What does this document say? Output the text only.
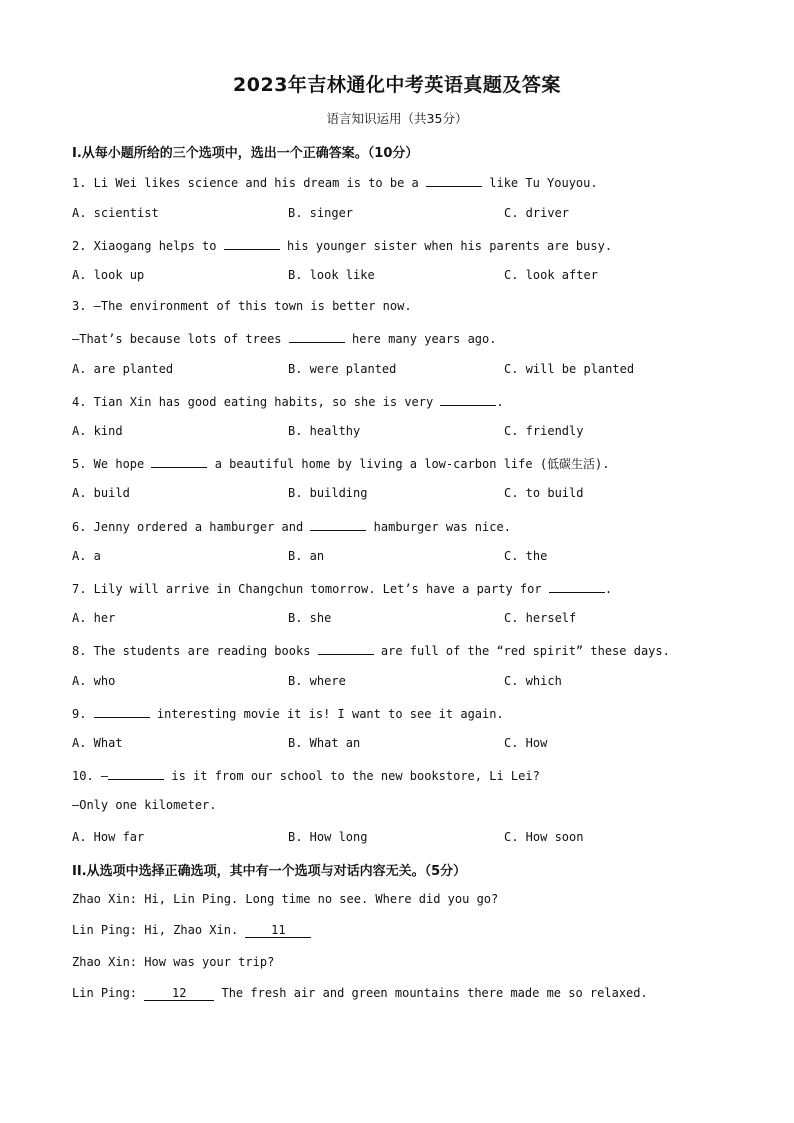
2023年吉林通化中考英语真题及答案
语言知识运用（共35分）
I.从每小题所给的三个选项中，选出一个正确答案。（10分）
1. Li Wei likes science and his dream is to be a	like Tu Youyou.
A. scientist	B. singer	C. driver
2. Xiaogang helps to	his younger sister when his parents are busy.
A. look up	B. look like	C. look after
3. —The environment of this town is better now.
—That’s because lots of trees	here many years ago.
A. are planted	B. were planted	C. will be planted
4. Tian Xin has good eating habits, so she is very	.
A. kind	B. healthy	C. friendly
5. We hope	a beautiful home by living a low-carbon life (低碳生活).
A. build	B. building	C. to build
6. Jenny ordered a hamburger and	hamburger was nice.
A. a	B. an	C. the
7. Lily will arrive in Changchun tomorrow. Let’s have a party for	.
A. her	B. she	C. herself
8. The students are reading books	are full of the “red spirit” these days.
A. who	B. where	C. which
9.	interesting movie it is! I want to see it again.
A. What	B. What an	C. How
10. —	is it from our school to the new bookstore, Li Lei?
—Only one kilometer.
A. How far	B. How long	C. How soon
II.从选项中选择正确选项，其中有一个选项与对话内容无关。（5分）
Zhao Xin: Hi, Lin Ping. Long time no see. Where did you go?
Lin Ping: Hi, Zhao Xin. 11
Zhao Xin: How was your trip?
Lin Ping: 12 The fresh air and green mountains there made me so relaxed.
